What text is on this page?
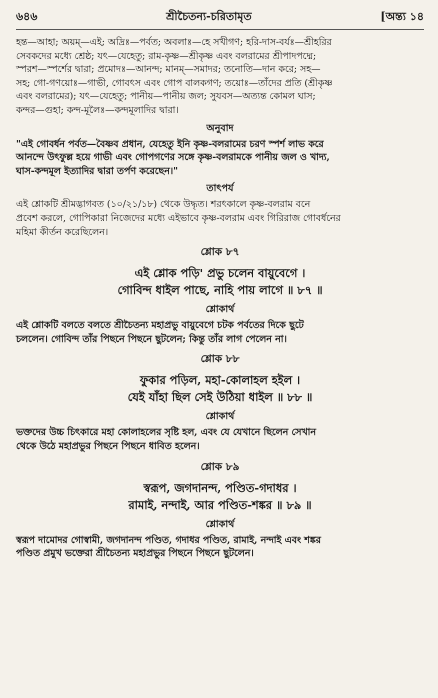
৬৪৬	শ্রীচৈতন্য-চরিতামৃত	[অন্ত্য ১৪

হন্ত—আহা; অয়ম্—এই; অদ্রিঃ—পর্বত; অবলাঃ—হে সখীগণ; হরি-দাস-বর্যঃ—শ্রীহরির

সেবকদের মধ্যে শ্রেষ্ঠ; যৎ—যেহেতু; রাম-কৃষ্ণ—শ্রীকৃষ্ণ এবং বলরামের শ্রীপাদপদ্মে;

স্পরশ—স্পর্শের দ্বারা; প্রমোদঃ—আনন্দ; মানম্—সমাদর; তনোতি—দান করে; সহ—

সহ; গো-গণয়োঃ—গাভী, গোবৎস এবং গোপ বালকগণ; তয়োঃ—তাঁদের প্রতি (শ্রীকৃষ্ণ

এবং বলরামের); যৎ—যেহেতু; পানীয়—পানীয় জল; সুযবস—অত্যন্ত কোমল ঘাস;

কন্দর—গুহা; কন্দ-মূলৈঃ—কন্দমূলাদির দ্বারা।

অনুবাদ

"এই গোবর্ধন পর্বত—বৈষ্ণব প্রধান, যেহেতু ইনি কৃষ্ণ-বলরামের চরণ স্পর্শ লাভ করে

আনন্দে উৎফুল্ল হয়ে গাভী এবং গোপগণের সঙ্গে কৃষ্ণ-বলরামকে পানীয় জল ও খাদ্য,

ঘাস-কন্দমূল ইত্যাদির দ্বারা তর্পণ করেছেন।"

তাৎপর্য

এই শ্লোকটি শ্রীমদ্ভাগবত (১০/২১/১৮) থেকে উদ্ধৃত। শরৎকালে কৃষ্ণ-বলরাম বনে

প্রবেশ করলে, গোপিকারা নিজেদের মধ্যে এইভাবে কৃষ্ণ-বলরাম এবং গিরিরাজ গোবর্ধনের

মহিমা কীর্তন করেছিলেন।

শ্লোক ৮৭

এই শ্লোক পড়ি' প্রভু চলেন বায়ুবেগে ।

গোবিন্দ ধাইল পাছে, নাহি পায় লাগে ॥ ৮৭ ॥

শ্লোকার্থ

এই শ্লোকটি বলতে বলতে শ্রীচৈতন্য মহাপ্রভু বায়ুবেগে চটক পর্বতের দিকে ছুটে

চললেন। গোবিন্দ তাঁর পিছনে পিছনে ছুটলেন; কিন্তু তাঁর লাগ পেলেন না।

শ্লোক ৮৮

ফুকার পড়িল, মহা-কোলাহল হইল ।

যেই যাঁহা ছিল সেই উঠিয়া ধাইল ॥ ৮৮ ॥

শ্লোকার্থ

ভক্তদের উচ্চ চিৎকারে মহা কোলাহলের সৃষ্টি হল, এবং যে যেখানে ছিলেন সেখান

থেকে উঠে মহাপ্রভুর পিছনে পিছনে ধাবিত হলেন।

শ্লোক ৮৯

স্বরূপ, জগদানন্দ, পণ্ডিত-গদাধর ।

রামাই, নন্দাই, আর পণ্ডিত-শঙ্কর ॥ ৮৯ ॥

শ্লোকার্থ

স্বরূপ দামোদর গোস্বামী, জগদানন্দ পণ্ডিত, গদাধর পণ্ডিত, রামাই, নন্দাই এবং শঙ্কর

পণ্ডিত প্রমুখ ভক্তেরা শ্রীচৈতন্য মহাপ্রভুর পিছনে পিছনে ছুটলেন।
